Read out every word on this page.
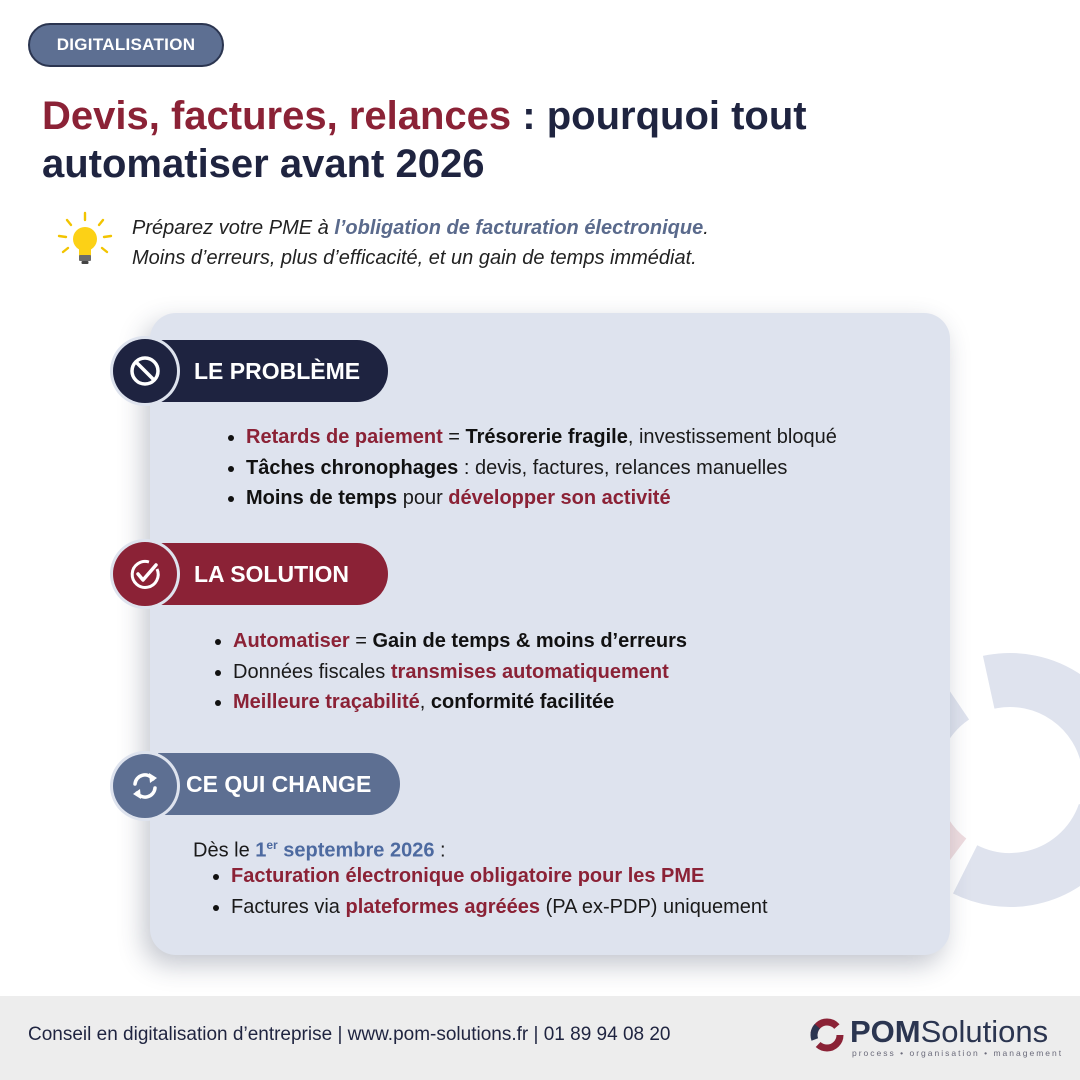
DIGITALISATION
Devis, factures, relances : pourquoi tout automatiser avant 2026
Préparez votre PME à l’obligation de facturation électronique.
Moins d’erreurs, plus d’efficacité, et un gain de temps immédiat.
LE PROBLÈME
Retards de paiement = Trésorerie fragile, investissement bloqué
Tâches chronophages : devis, factures, relances manuelles
Moins de temps pour développer son activité
LA SOLUTION
Automatiser = Gain de temps & moins d’erreurs
Données fiscales transmises automatiquement
Meilleure traçabilité, conformité facilitée
CE QUI CHANGE
Dès le 1er septembre 2026 :
Facturation électronique obligatoire pour les PME
Factures via plateformes agréées (PA ex-PDP) uniquement
Conseil en digitalisation d’entreprise | www.pom-solutions.fr | 01 89 94 08 20	POMSolutions
process • organisation • management
